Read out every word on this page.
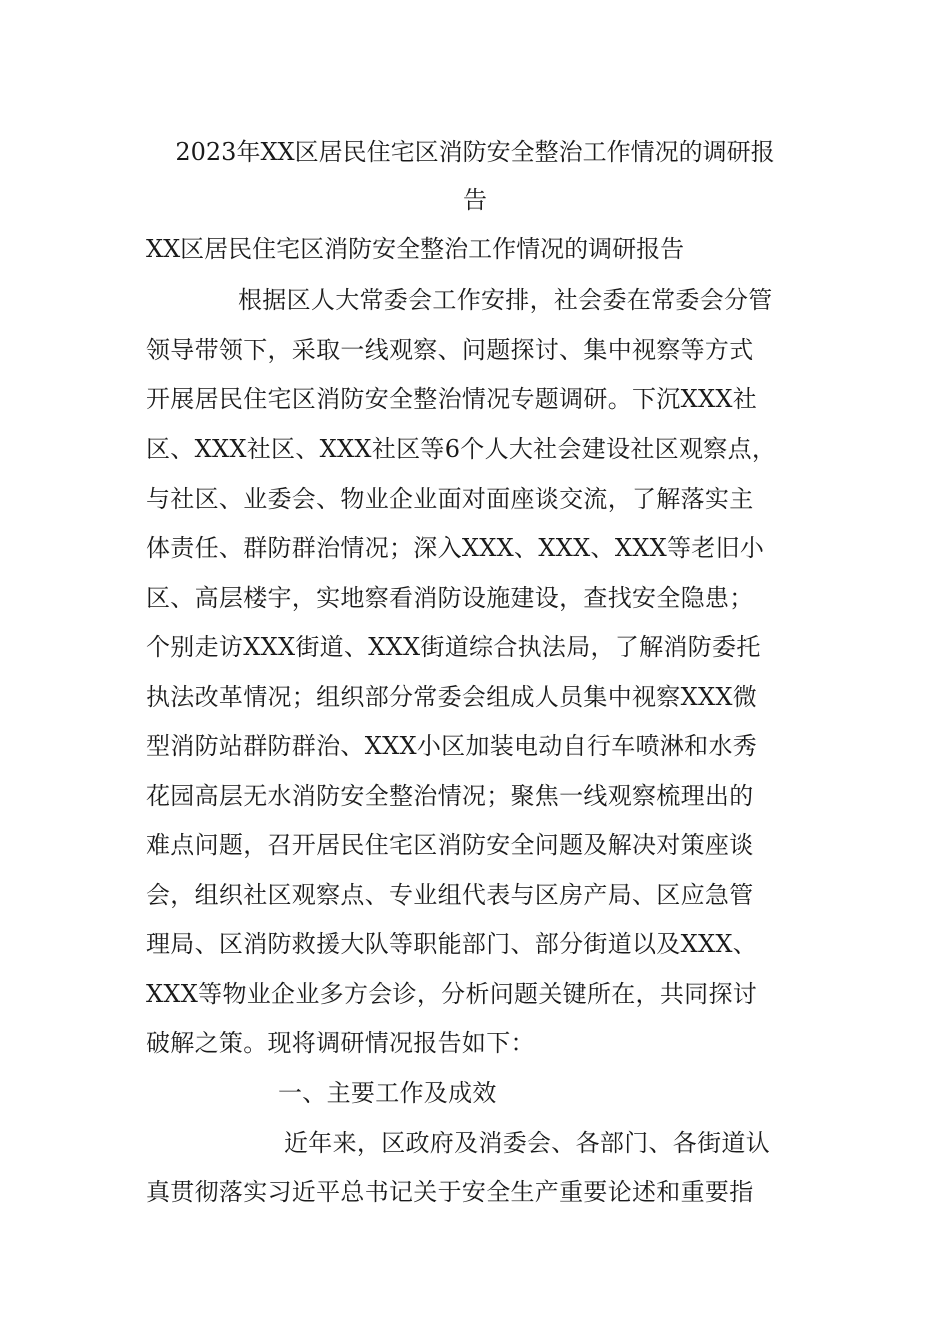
2023年XX区居民住宅区消防安全整治工作情况的调研报
告
XX区居民住宅区消防安全整治工作情况的调研报告
根据区人大常委会工作安排，社会委在常委会分管
领导带领下，采取一线观察、问题探讨、集中视察等方式
开展居民住宅区消防安全整治情况专题调研。下沉XXX社
区、XXX社区、XXX社区等6个人大社会建设社区观察点，
与社区、业委会、物业企业面对面座谈交流，了解落实主
体责任、群防群治情况；深入XXX、XXX、XXX等老旧小
区、高层楼宇，实地察看消防设施建设，查找安全隐患；
个别走访XXX街道、XXX街道综合执法局，了解消防委托
执法改革情况；组织部分常委会组成人员集中视察XXX微
型消防站群防群治、XXX小区加装电动自行车喷淋和水秀
花园高层无水消防安全整治情况；聚焦一线观察梳理出的
难点问题，召开居民住宅区消防安全问题及解决对策座谈
会，组织社区观察点、专业组代表与区房产局、区应急管
理局、区消防救援大队等职能部门、部分街道以及XXX、
XXX等物业企业多方会诊，分析问题关键所在，共同探讨
破解之策。现将调研情况报告如下：
一、主要工作及成效
近年来，区政府及消委会、各部门、各街道认
真贯彻落实习近平总书记关于安全生产重要论述和重要指
